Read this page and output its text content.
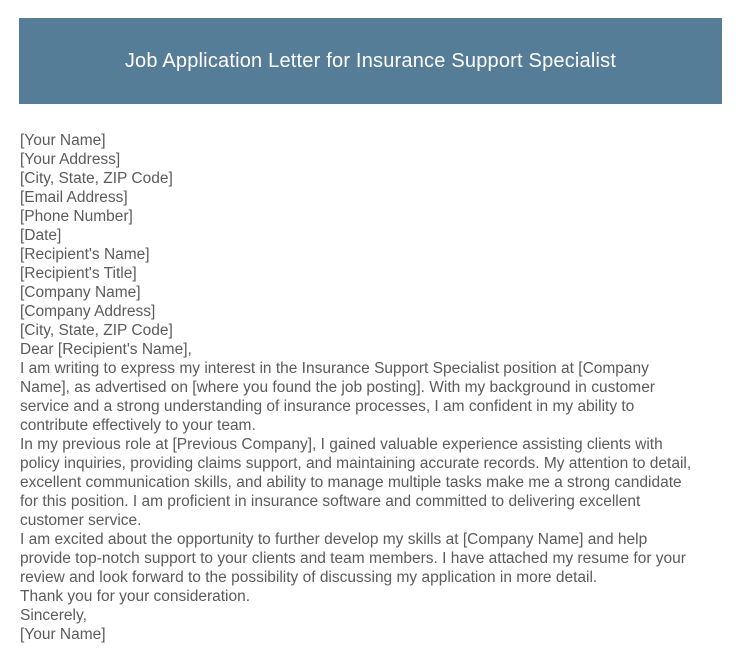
Job Application Letter for Insurance Support Specialist
[Your Name]
[Your Address]
[City, State, ZIP Code]
[Email Address]
[Phone Number]
[Date]
[Recipient's Name]
[Recipient's Title]
[Company Name]
[Company Address]
[City, State, ZIP Code]
Dear [Recipient's Name],
I am writing to express my interest in the Insurance Support Specialist position at [Company
Name], as advertised on [where you found the job posting]. With my background in customer
service and a strong understanding of insurance processes, I am confident in my ability to
contribute effectively to your team.
In my previous role at [Previous Company], I gained valuable experience assisting clients with
policy inquiries, providing claims support, and maintaining accurate records. My attention to detail,
excellent communication skills, and ability to manage multiple tasks make me a strong candidate
for this position. I am proficient in insurance software and committed to delivering excellent
customer service.
I am excited about the opportunity to further develop my skills at [Company Name] and help
provide top-notch support to your clients and team members. I have attached my resume for your
review and look forward to the possibility of discussing my application in more detail.
Thank you for your consideration.
Sincerely,
[Your Name]
